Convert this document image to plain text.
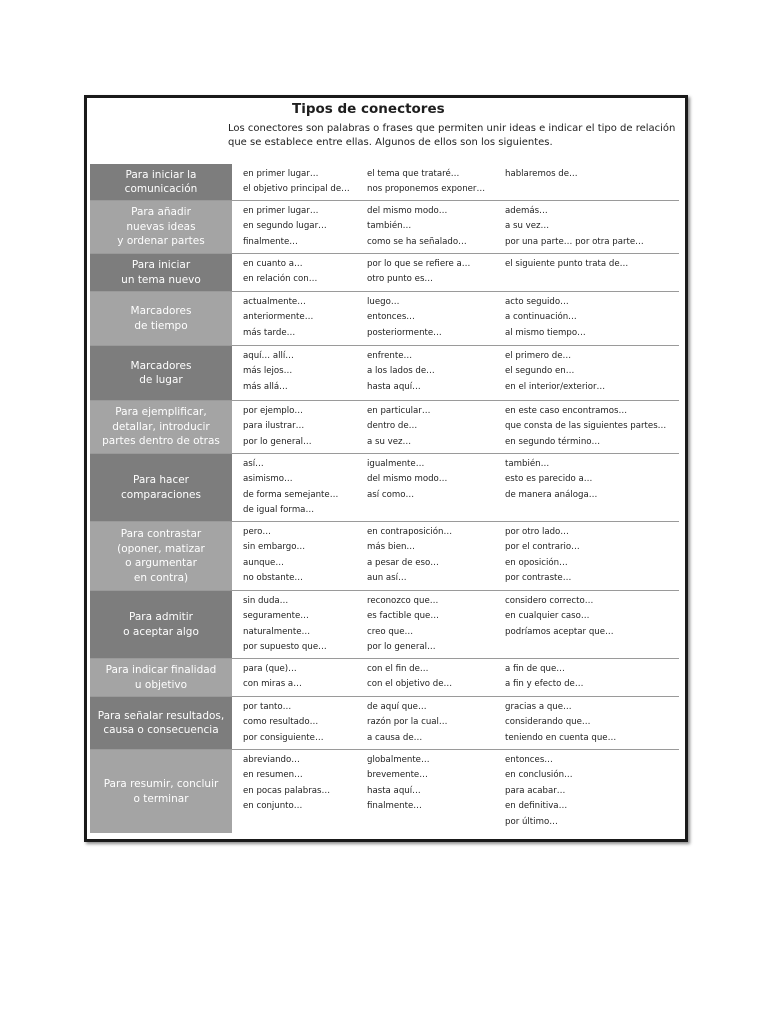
Tipos de conectores

Los conectores son palabras o frases que permiten unir ideas e indicar el tipo de relación que se establece entre ellas. Algunos de ellos son los siguientes.

Para iniciar la
comunicación
en primer lugar…
el objetivo principal de…
el tema que trataré…
nos proponemos exponer…
hablaremos de…
Para añadir
nuevas ideas
y ordenar partes
en primer lugar…
en segundo lugar…
finalmente…
del mismo modo…
también…
como se ha señalado…
además…
a su vez…
por una parte… por otra parte…
Para iniciar
un tema nuevo
en cuanto a…
en relación con…
por lo que se refiere a…
otro punto es…
el siguiente punto trata de…
Marcadores
de tiempo
actualmente…
anteriormente…
más tarde…
luego…
entonces…
posteriormente…
acto seguido…
a continuación…
al mismo tiempo…
Marcadores
de lugar
aquí… allí…
más lejos…
más allá…
enfrente…
a los lados de…
hasta aquí…
el primero de…
el segundo en…
en el interior/exterior…
Para ejemplificar,
detallar, introducir
partes dentro de otras
por ejemplo…
para ilustrar…
por lo general…
en particular…
dentro de…
a su vez…
en este caso encontramos…
que consta de las siguientes partes…
en segundo término…
Para hacer
comparaciones
así…
asimismo…
de forma semejante…
de igual forma…
igualmente…
del mismo modo…
así como…
también…
esto es parecido a…
de manera análoga…
Para contrastar
(oponer, matizar
o argumentar
en contra)
pero…
sin embargo…
aunque…
no obstante…
en contraposición…
más bien…
a pesar de eso…
aun así…
por otro lado…
por el contrario…
en oposición…
por contraste…
Para admitir
o aceptar algo
sin duda…
seguramente…
naturalmente…
por supuesto que…
reconozco que…
es factible que…
creo que…
por lo general…
considero correcto…
en cualquier caso…
podríamos aceptar que…
Para indicar finalidad
u objetivo
para (que)…
con miras a…
con el fin de…
con el objetivo de…
a fin de que…
a fin y efecto de…
Para señalar resultados,
causa o consecuencia
por tanto…
como resultado…
por consiguiente…
de aquí que…
razón por la cual…
a causa de…
gracias a que…
considerando que…
teniendo en cuenta que…
Para resumir, concluir
o terminar
abreviando…
en resumen…
en pocas palabras…
en conjunto…
globalmente…
brevemente…
hasta aquí…
finalmente…
entonces…
en conclusión…
para acabar…
en definitiva…
por último…
